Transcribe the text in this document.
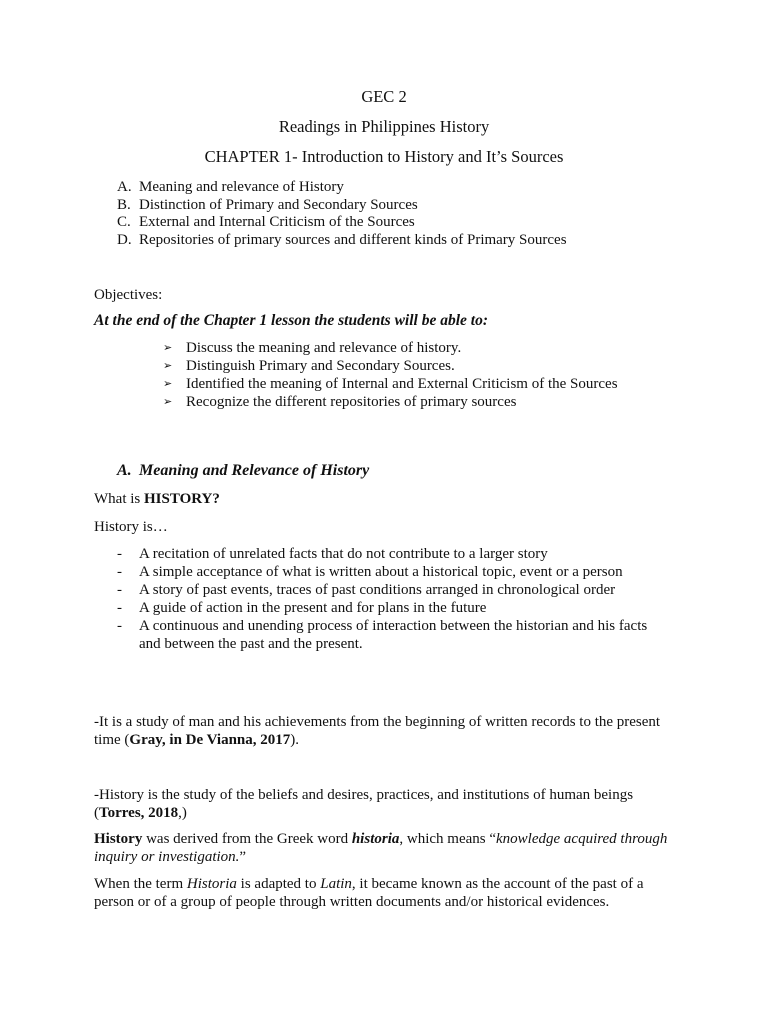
GEC 2
Readings in Philippines History
CHAPTER 1- Introduction to History and It’s Sources
A. Meaning and relevance of History
B. Distinction of Primary and Secondary Sources
C. External and Internal Criticism of the Sources
D. Repositories of primary sources and different kinds of Primary Sources

Objectives:

At the end of the Chapter 1 lesson the students will be able to:

➢ Discuss the meaning and relevance of history.
➢ Distinguish Primary and Secondary Sources.
➢ Identified the meaning of Internal and External Criticism of the Sources
➢ Recognize the different repositories of primary sources

A. Meaning and Relevance of History

What is HISTORY?

History is…

- A recitation of unrelated facts that do not contribute to a larger story
- A simple acceptance of what is written about a historical topic, event or a person
- A story of past events, traces of past conditions arranged in chronological order
- A guide of action in the present and for plans in the future
- A continuous and unending process of interaction between the historian and his facts and between the past and the present.

-It is a study of man and his achievements from the beginning of written records to the present time (Gray, in De Vianna, 2017).

-History is the study of the beliefs and desires, practices, and institutions of human beings (Torres, 2018,)

History was derived from the Greek word historia, which means “knowledge acquired through inquiry or investigation.”

When the term Historia is adapted to Latin, it became known as the account of the past of a person or of a group of people through written documents and/or historical evidences.
